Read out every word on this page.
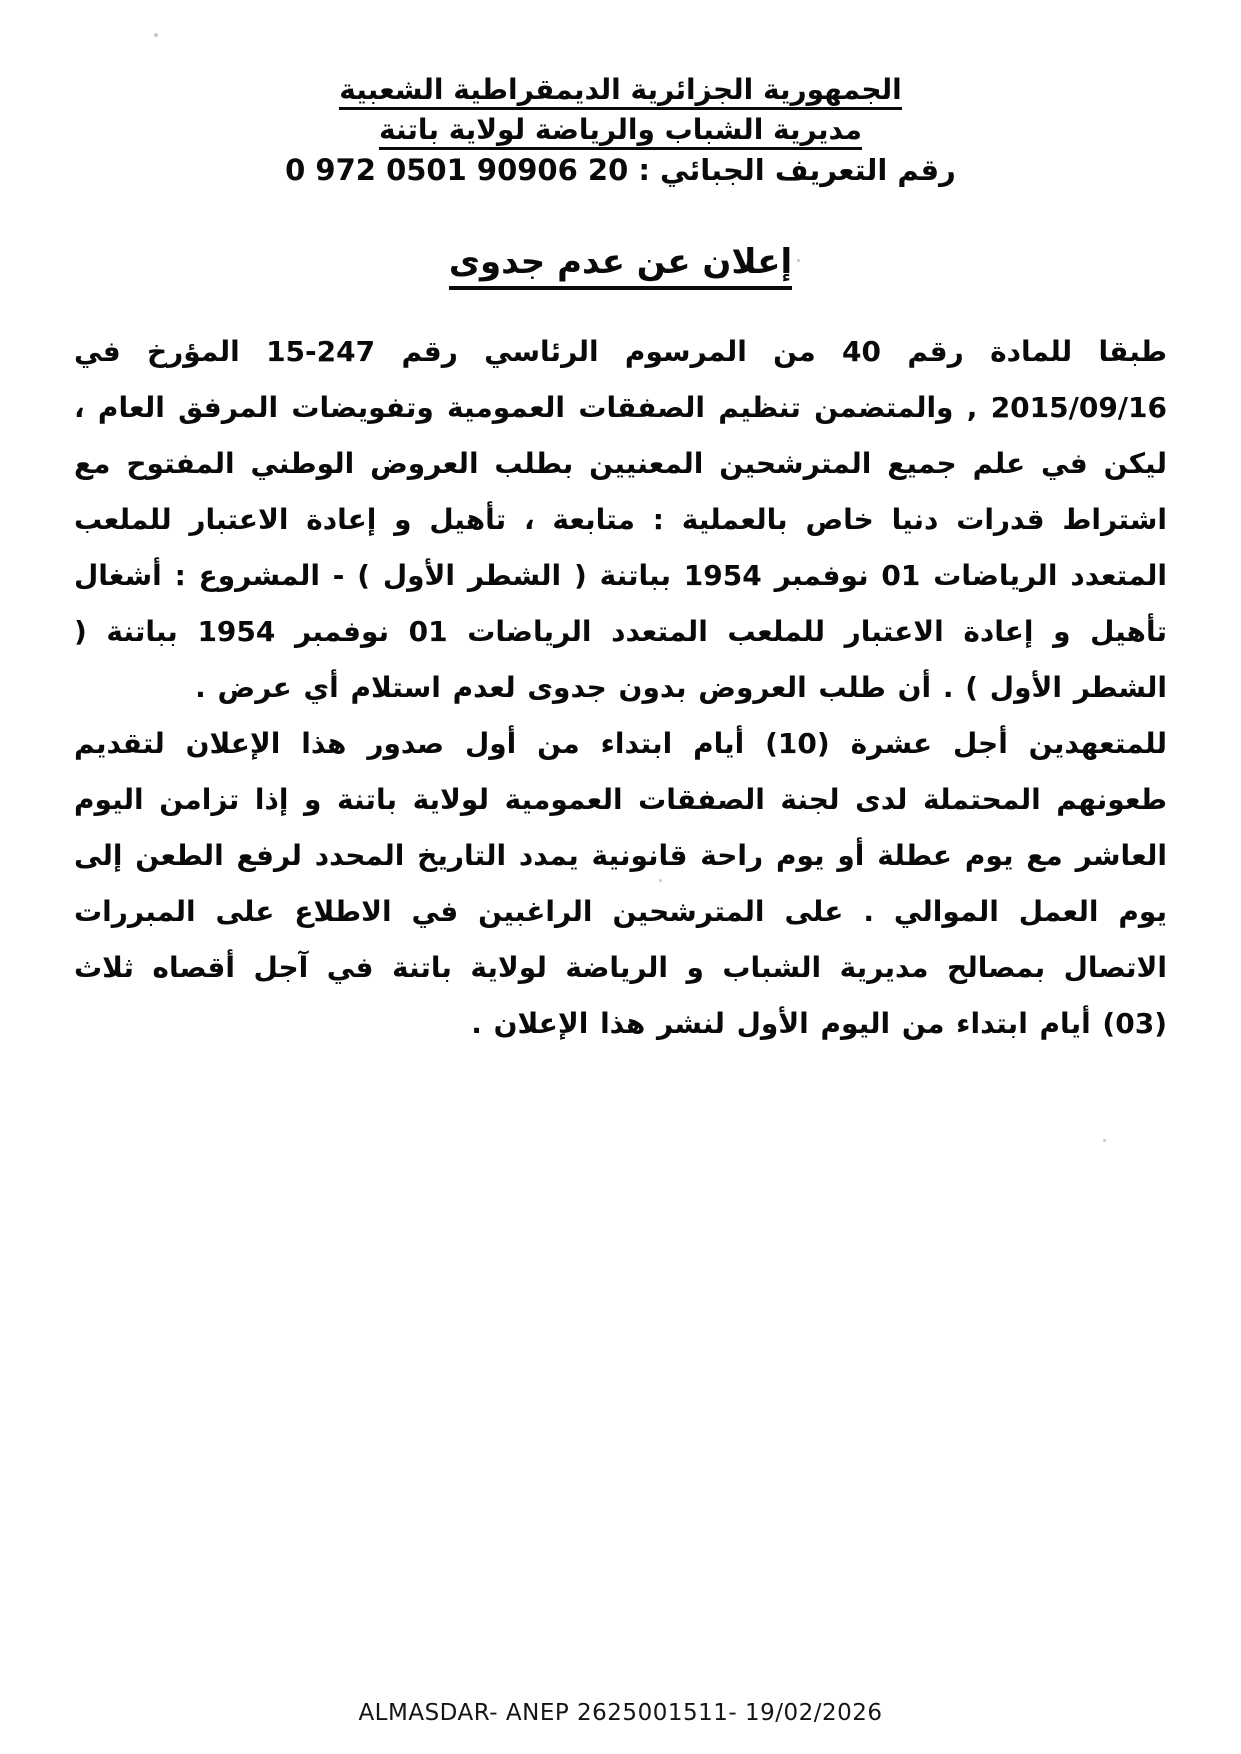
الجمهورية الجزائرية الديمقراطية الشعبية
مديرية الشباب والرياضة لولاية باتنة
رقم التعريف الجبائي : 20 90906 0501 972 0
إعلان عن عدم جدوى

طبقا للمادة رقم 40 من المرسوم الرئاسي رقم 247-15 المؤرخ في 2015/09/16 , والمتضمن تنظيم الصفقات العمومية وتفويضات المرفق العام ، ليكن في علم جميع المترشحين المعنيين بطلب العروض الوطني المفتوح مع اشتراط قدرات دنيا خاص بالعملية : متابعة ، تأهيل و إعادة الاعتبار للملعب المتعدد الرياضات 01 نوفمبر 1954 بباتنة ( الشطر الأول ) - المشروع : أشغال تأهيل و إعادة الاعتبار للملعب المتعدد الرياضات 01 نوفمبر 1954 بباتنة ( الشطر الأول ) . أن طلب العروض بدون جدوى لعدم استلام أي عرض .

للمتعهدين أجل عشرة (10) أيام ابتداء من أول صدور هذا الإعلان لتقديم طعونهم المحتملة لدى لجنة الصفقات العمومية لولاية باتنة و إذا تزامن اليوم العاشر مع يوم عطلة أو يوم راحة قانونية يمدد التاريخ المحدد لرفع الطعن إلى يوم العمل الموالي . على المترشحين الراغبين في الاطلاع على المبررات الاتصال بمصالح مديرية الشباب و الرياضة لولاية باتنة في آجل أقصاه ثلاث (03) أيام ابتداء من اليوم الأول لنشر هذا الإعلان .

ALMASDAR- ANEP 2625001511- 19/02/2026
